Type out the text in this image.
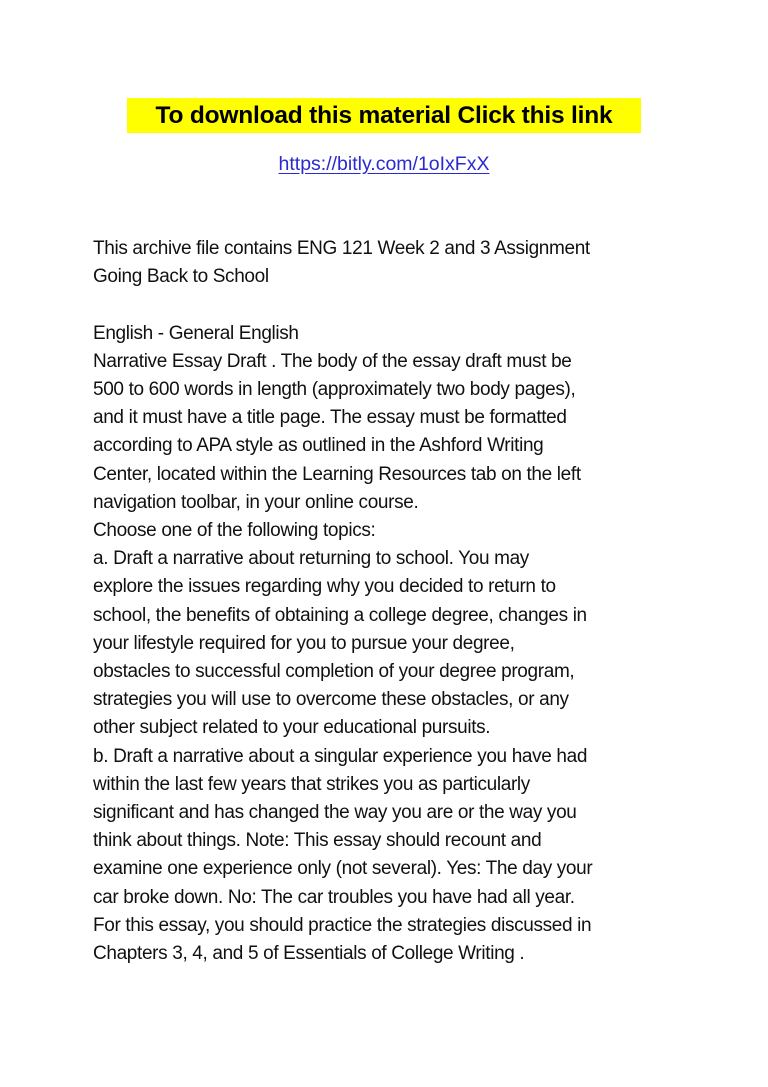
To download this material Click this link
https://bitly.com/1oIxFxX

This archive file contains ENG 121 Week 2 and 3 Assignment
Going Back to School

English - General English

Narrative Essay Draft . The body of the essay draft must be
500 to 600 words in length (approximately two body pages),
and it must have a title page. The essay must be formatted
according to APA style as outlined in the Ashford Writing
Center, located within the Learning Resources tab on the left
navigation toolbar, in your online course.
Choose one of the following topics:

a. Draft a narrative about returning to school. You may
explore the issues regarding why you decided to return to
school, the benefits of obtaining a college degree, changes in
your lifestyle required for you to pursue your degree,
obstacles to successful completion of your degree program,
strategies you will use to overcome these obstacles, or any
other subject related to your educational pursuits.

b. Draft a narrative about a singular experience you have had
within the last few years that strikes you as particularly
significant and has changed the way you are or the way you
think about things. Note: This essay should recount and
examine one experience only (not several). Yes: The day your
car broke down. No: The car troubles you have had all year.
For this essay, you should practice the strategies discussed in
Chapters 3, 4, and 5 of Essentials of College Writing .
